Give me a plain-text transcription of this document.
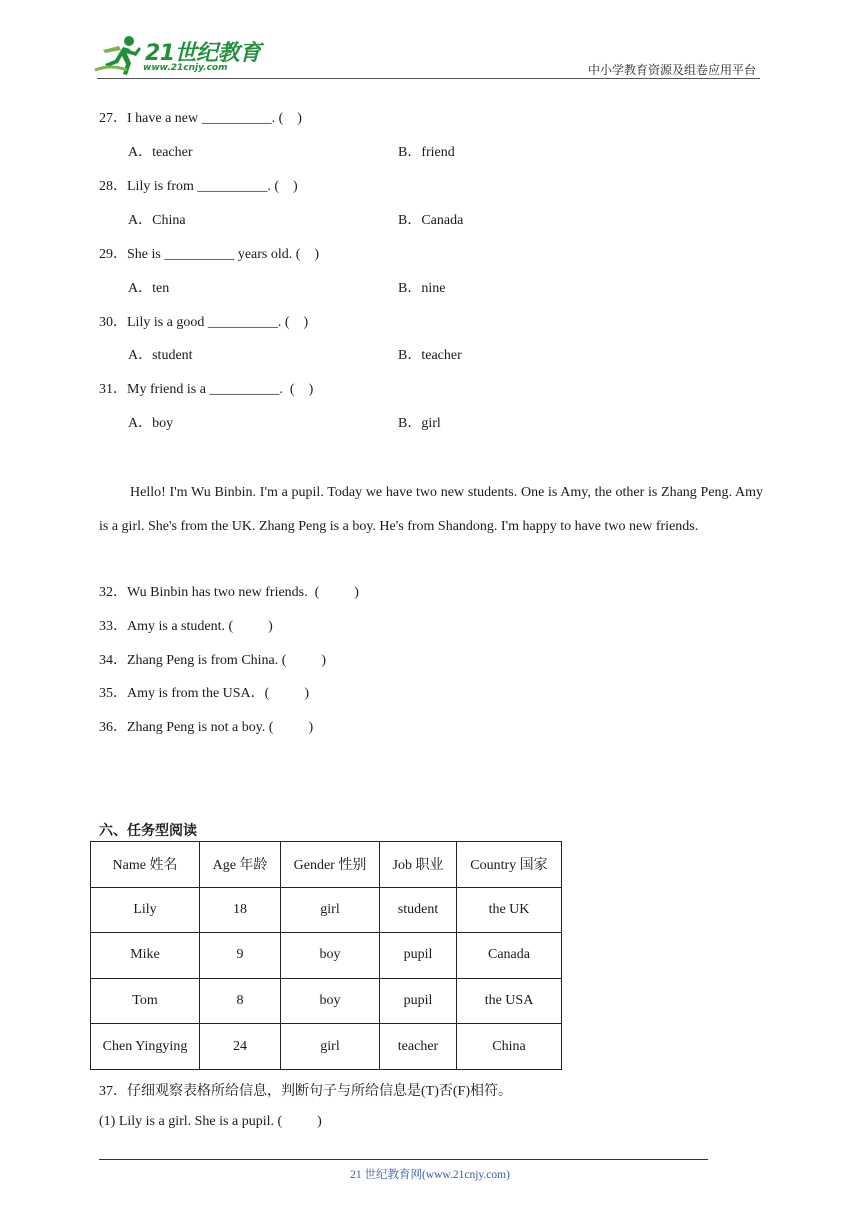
21世纪教育
www.21cnjy.com	中小学教育资源及组卷应用平台
27．I have a new __________. (    )
A．teacher	B．friend
28．Lily is from __________. (    )
A．China	B．Canada
29．She is __________ years old. (    )
A．ten	B．nine
30．Lily is a good __________. (    )
A．student	B．teacher
31．My friend is a __________.  (    )
A．boy	B．girl
Hello! I'm Wu Binbin. I'm a pupil. Today we have two new students. One is Amy, the other is Zhang Peng. Amy is a girl. She's from the UK. Zhang Peng is a boy. He's from Shandong. I'm happy to have two new friends.
32．Wu Binbin has two new friends.  (          )
33．Amy is a student. (          )
34．Zhang Peng is from China. (          )
35．Amy is from the USA．(          )
36．Zhang Peng is not a boy. (          )
六、任务型阅读
Name 姓名	Age 年龄	Gender 性别	Job 职业	Country 国家
Lily	18	girl	student	the UK
Mike	9	boy	pupil	Canada
Tom	8	boy	pupil	the USA
Chen Yingying	24	girl	teacher	China
37．仔细观察表格所给信息，判断句子与所给信息是(T)否(F)相符。
(1) Lily is a girl. She is a pupil. (          )
21 世纪教育网(www.21cnjy.com)
